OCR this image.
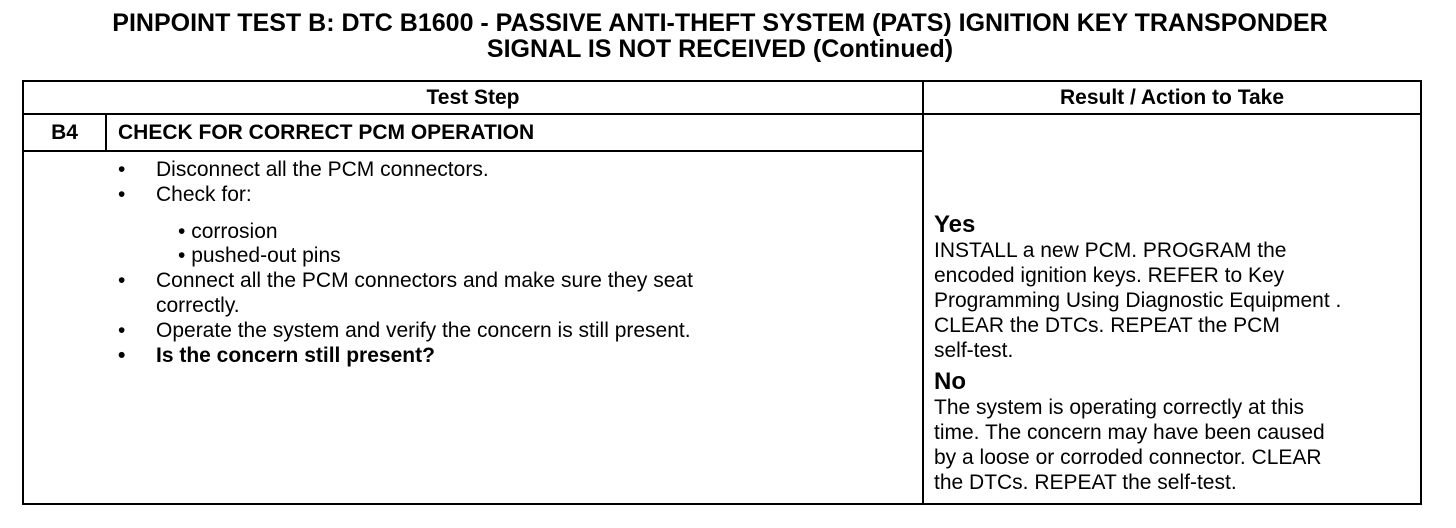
PINPOINT TEST B: DTC B1600 - PASSIVE ANTI-THEFT SYSTEM (PATS) IGNITION KEY TRANSPONDER
SIGNAL IS NOT RECEIVED (Continued)
Test Step	Result / Action to Take
B4	CHECK FOR CORRECT PCM OPERATION
• Disconnect all the PCM connectors.
• Check for:
• corrosion
• pushed-out pins
• Connect all the PCM connectors and make sure they seat
correctly.
• Operate the system and verify the concern is still present.
• Is the concern still present?
Yes
INSTALL a new PCM. PROGRAM the
encoded ignition keys. REFER to Key
Programming Using Diagnostic Equipment .
CLEAR the DTCs. REPEAT the PCM
self-test.
No
The system is operating correctly at this
time. The concern may have been caused
by a loose or corroded connector. CLEAR
the DTCs. REPEAT the self-test.
